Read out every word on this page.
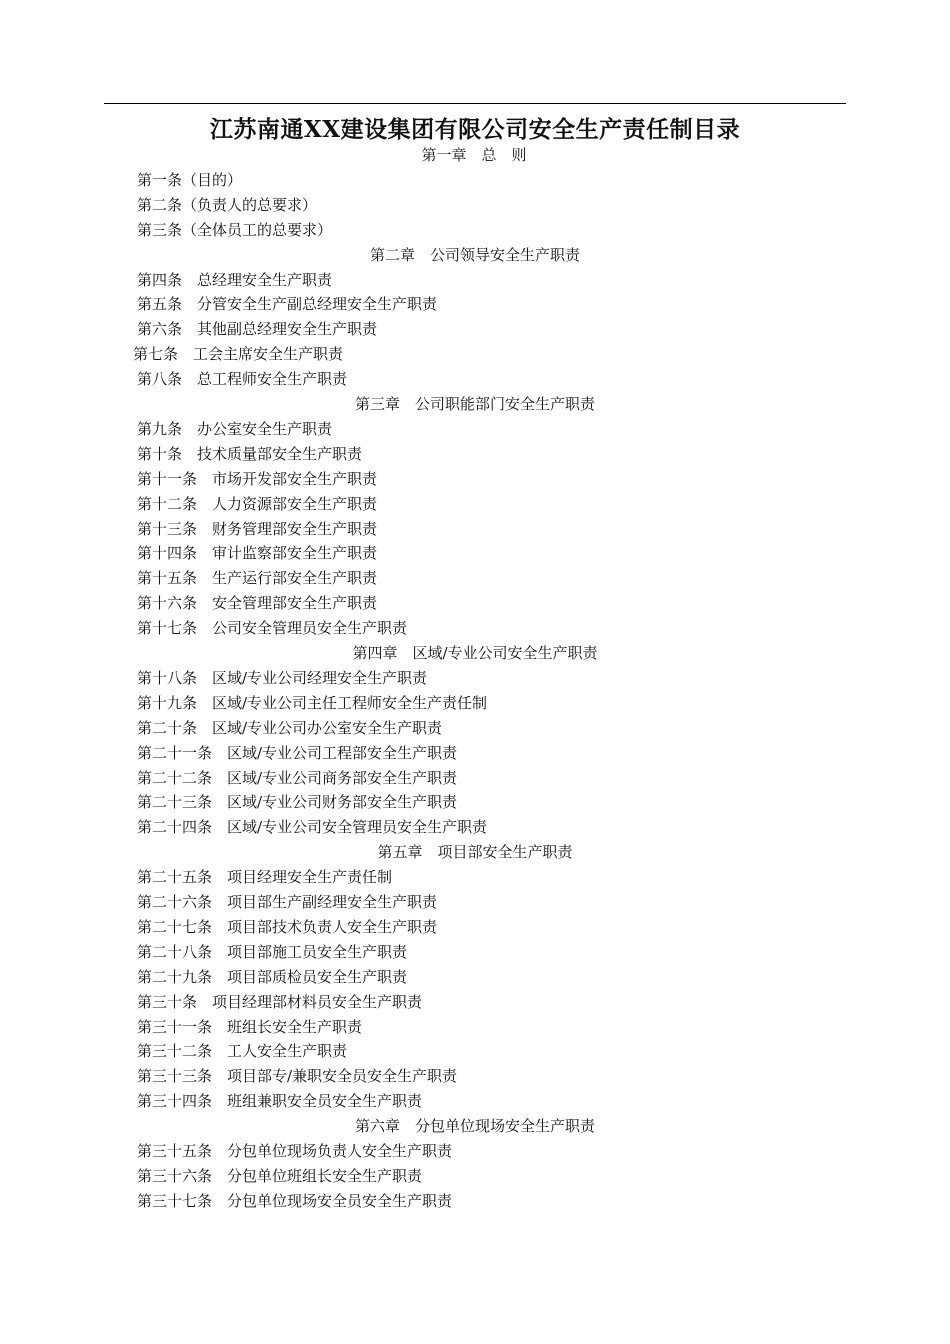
江苏南通XX建设集团有限公司安全生产责任制目录
第一章　总　则
第一条（目的）
第二条（负责人的总要求）
第三条（全体员工的总要求）
第二章　公司领导安全生产职责
第四条　总经理安全生产职责
第五条　分管安全生产副总经理安全生产职责
第六条　其他副总经理安全生产职责
第七条　工会主席安全生产职责
第八条　总工程师安全生产职责
第三章　公司职能部门安全生产职责
第九条　办公室安全生产职责
第十条　技术质量部安全生产职责
第十一条　市场开发部安全生产职责
第十二条　人力资源部安全生产职责
第十三条　财务管理部安全生产职责
第十四条　审计监察部安全生产职责
第十五条　生产运行部安全生产职责
第十六条　安全管理部安全生产职责
第十七条　公司安全管理员安全生产职责
第四章　区域/专业公司安全生产职责
第十八条　区域/专业公司经理安全生产职责
第十九条　区域/专业公司主任工程师安全生产责任制
第二十条　区域/专业公司办公室安全生产职责
第二十一条　区域/专业公司工程部安全生产职责
第二十二条　区域/专业公司商务部安全生产职责
第二十三条　区域/专业公司财务部安全生产职责
第二十四条　区域/专业公司安全管理员安全生产职责
第五章　项目部安全生产职责
第二十五条　项目经理安全生产责任制
第二十六条　项目部生产副经理安全生产职责
第二十七条　项目部技术负责人安全生产职责
第二十八条　项目部施工员安全生产职责
第二十九条　项目部质检员安全生产职责
第三十条　项目经理部材料员安全生产职责
第三十一条　班组长安全生产职责
第三十二条　工人安全生产职责
第三十三条　项目部专/兼职安全员安全生产职责
第三十四条　班组兼职安全员安全生产职责
第六章　分包单位现场安全生产职责
第三十五条　分包单位现场负责人安全生产职责
第三十六条　分包单位班组长安全生产职责
第三十七条　分包单位现场安全员安全生产职责
